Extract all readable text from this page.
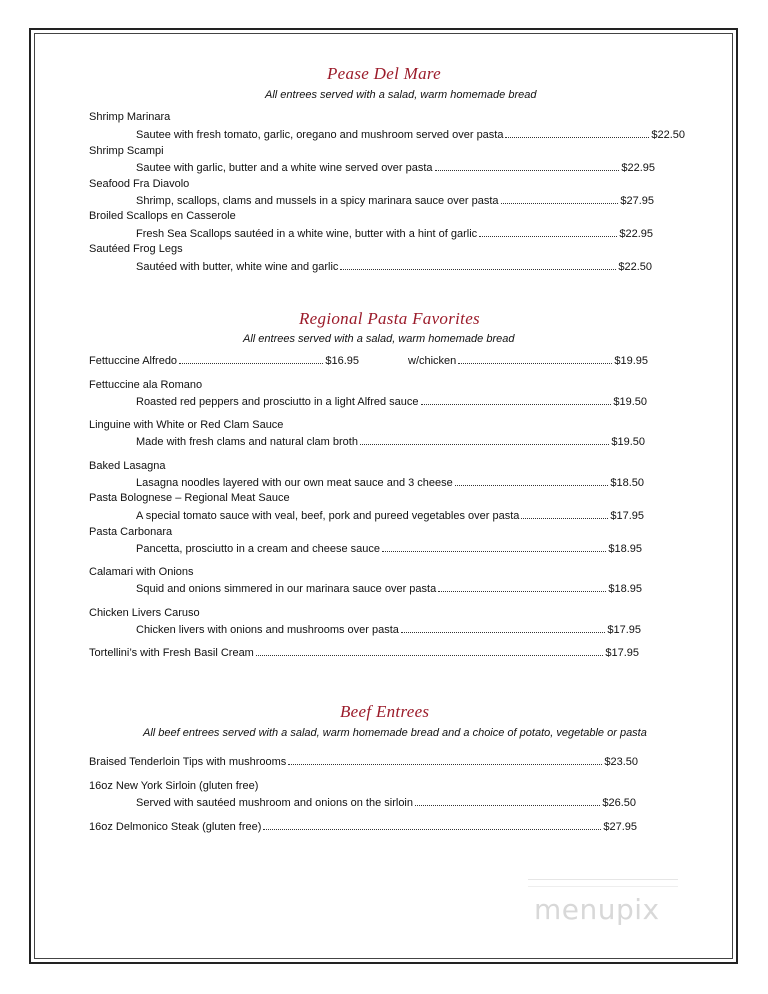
Pease Del Mare
All entrees served with a salad, warm homemade bread
Shrimp Marinara
Sautee with fresh tomato, garlic, oregano and mushroom served over pasta	$22.50
Shrimp Scampi
Sautee with garlic, butter and a white wine served over pasta	$22.95
Seafood Fra Diavolo
Shrimp, scallops, clams and mussels in a spicy marinara sauce over pasta	$27.95
Broiled Scallops en Casserole
Fresh Sea Scallops sautéed in a white wine, butter with a hint of garlic	$22.95
Sautéed Frog Legs
Sautéed with butter, white wine and garlic	$22.50
Regional Pasta Favorites
All entrees served with a salad, warm homemade bread
Fettuccine Alfredo	$16.95	w/chicken	$19.95
Fettuccine ala Romano
Roasted red peppers and prosciutto in a light Alfred sauce	$19.50
Linguine with White or Red Clam Sauce
Made with fresh clams and natural clam broth	$19.50
Baked Lasagna
Lasagna noodles layered with our own meat sauce and 3 cheese	$18.50
Pasta Bolognese – Regional Meat Sauce
A special tomato sauce with veal, beef, pork and pureed vegetables over pasta	$17.95
Pasta Carbonara
Pancetta, prosciutto in a cream and cheese sauce	$18.95
Calamari with Onions
Squid and onions simmered in our marinara sauce over pasta	$18.95
Chicken Livers Caruso
Chicken livers with onions and mushrooms over pasta	$17.95
Tortellini’s with Fresh Basil Cream	$17.95
Beef Entrees
All beef entrees served with a salad, warm homemade bread and a choice of potato, vegetable or pasta
Braised Tenderloin Tips with mushrooms	$23.50
16oz New York Sirloin (gluten free)
Served with sautéed mushroom and onions on the sirloin	$26.50
16oz Delmonico Steak (gluten free)	$27.95
menupix
